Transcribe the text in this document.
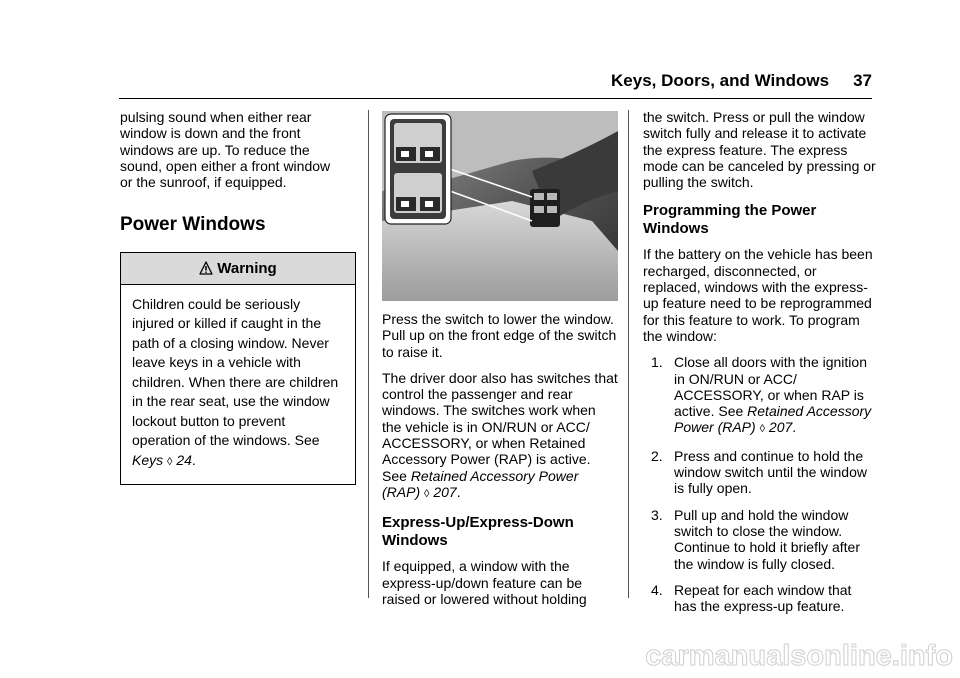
Keys, Doors, and Windows 37

pulsing sound when either rear window is down and the front windows are up. To reduce the sound, open either a front window or the sunroof, if equipped.

Power Windows
Warning
Children could be seriously injured or killed if caught in the path of a closing window. Never leave keys in a vehicle with children. When there are children in the rear seat, use the window lockout button to prevent operation of the windows. See
Keys ◊ 24.

Press the switch to lower the window. Pull up on the front edge of the switch to raise it.

The driver door also has switches that control the passenger and rear windows. The switches work when the vehicle is in ON/RUN or ACC/ ACCESSORY, or when Retained Accessory Power (RAP) is active. See Retained Accessory Power (RAP) ◊ 207.

Express-Up/Express-Down Windows

If equipped, a window with the express-up/down feature can be raised or lowered without holding

the switch. Press or pull the window switch fully and release it to activate the express feature. The express mode can be canceled by pressing or pulling the switch.

Programming the Power Windows

If the battery on the vehicle has been recharged, disconnected, or replaced, windows with the express-up feature need to be reprogrammed for this feature to work. To program the window:

1. Close all doors with the ignition in ON/RUN or ACC/ ACCESSORY, or when RAP is active. See Retained Accessory Power (RAP) ◊ 207.
2. Press and continue to hold the window switch until the window is fully open.
3. Pull up and hold the window switch to close the window. Continue to hold it briefly after the window is fully closed.
4. Repeat for each window that has the express-up feature.
carmanualsonline.info
